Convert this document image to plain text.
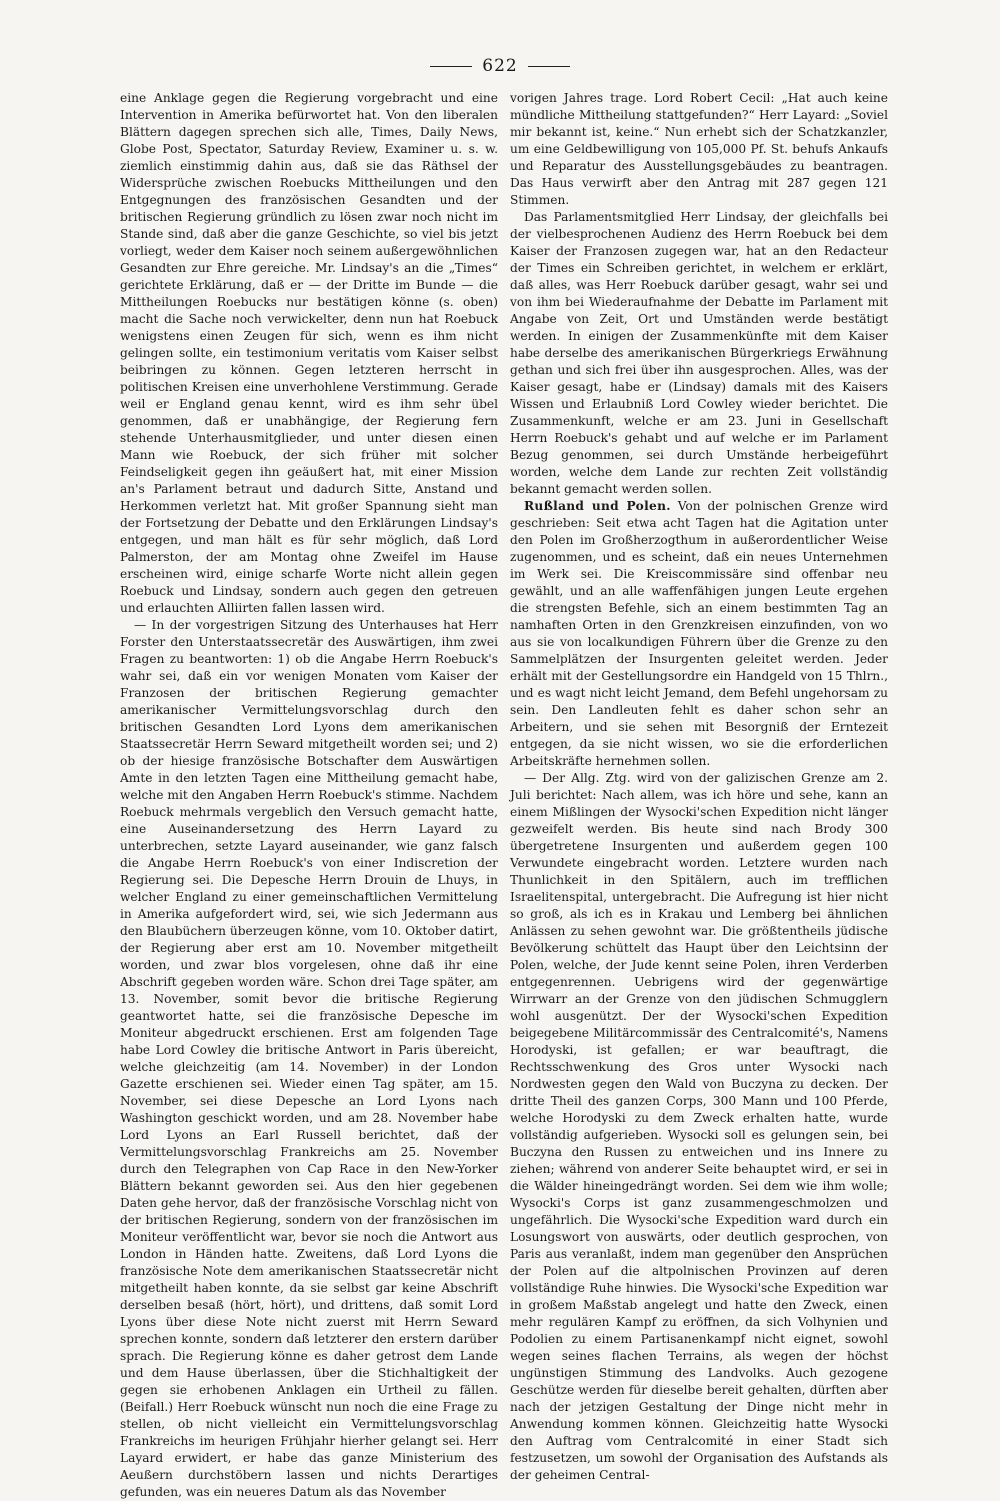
622

eine Anklage gegen die Regierung vorgebracht und eine Intervention in Amerika befürwortet hat. Von den liberalen Blättern dagegen sprechen sich alle, Times, Daily News, Globe Post, Spectator, Saturday Review, Examiner u. s. w. ziemlich einstimmig dahin aus, daß sie das Räthsel der Widersprüche zwischen Roebucks Mittheilungen und den Entgegnungen des französischen Gesandten und der britischen Regierung gründlich zu lösen zwar noch nicht im Stande sind, daß aber die ganze Geschichte, so viel bis jetzt vorliegt, weder dem Kaiser noch seinem außergewöhnlichen Gesandten zur Ehre gereiche. Mr. Lindsay's an die „Times“ gerichtete Erklärung, daß er — der Dritte im Bunde — die Mittheilungen Roebucks nur bestätigen könne (s. oben) macht die Sache noch verwickelter, denn nun hat Roebuck wenigstens einen Zeugen für sich, wenn es ihm nicht gelingen sollte, ein testimonium veritatis vom Kaiser selbst beibringen zu können. Gegen letzteren herrscht in politischen Kreisen eine unverhohlene Verstimmung. Gerade weil er England genau kennt, wird es ihm sehr übel genommen, daß er unabhängige, der Regierung fern stehende Unterhausmitglieder, und unter diesen einen Mann wie Roebuck, der sich früher mit solcher Feindseligkeit gegen ihn geäußert hat, mit einer Mission an's Parlament betraut und dadurch Sitte, Anstand und Herkommen verletzt hat. Mit großer Spannung sieht man der Fortsetzung der Debatte und den Erklärungen Lindsay's entgegen, und man hält es für sehr möglich, daß Lord Palmerston, der am Montag ohne Zweifel im Hause erscheinen wird, einige scharfe Worte nicht allein gegen Roebuck und Lindsay, sondern auch gegen den getreuen und erlauchten Alliirten fallen lassen wird.

— In der vorgestrigen Sitzung des Unterhauses hat Herr Forster den Unterstaatssecretär des Auswärtigen, ihm zwei Fragen zu beantworten: 1) ob die Angabe Herrn Roebuck's wahr sei, daß ein vor wenigen Monaten vom Kaiser der Franzosen der britischen Regierung gemachter amerikanischer Vermittelungsvorschlag durch den britischen Gesandten Lord Lyons dem amerikanischen Staatssecretär Herrn Seward mitgetheilt worden sei; und 2) ob der hiesige französische Botschafter dem Auswärtigen Amte in den letzten Tagen eine Mittheilung gemacht habe, welche mit den Angaben Herrn Roebuck's stimme. Nachdem Roebuck mehrmals vergeblich den Versuch gemacht hatte, eine Auseinandersetzung des Herrn Layard zu unterbrechen, setzte Layard auseinander, wie ganz falsch die Angabe Herrn Roebuck's von einer Indiscretion der Regierung sei. Die Depesche Herrn Drouin de Lhuys, in welcher England zu einer gemeinschaftlichen Vermittelung in Amerika aufgefordert wird, sei, wie sich Jedermann aus den Blaubüchern überzeugen könne, vom 10. Oktober datirt, der Regierung aber erst am 10. November mitgetheilt worden, und zwar blos vorgelesen, ohne daß ihr eine Abschrift gegeben worden wäre. Schon drei Tage später, am 13. November, somit bevor die britische Regierung geantwortet hatte, sei die französische Depesche im Moniteur abgedruckt erschienen. Erst am folgenden Tage habe Lord Cowley die britische Antwort in Paris übereicht, welche gleichzeitig (am 14. November) in der London Gazette erschienen sei. Wieder einen Tag später, am 15. November, sei diese Depesche an Lord Lyons nach Washington geschickt worden, und am 28. November habe Lord Lyons an Earl Russell berichtet, daß der Vermittelungsvorschlag Frankreichs am 25. November durch den Telegraphen von Cap Race in den New-Yorker Blättern bekannt geworden sei. Aus den hier gegebenen Daten gehe hervor, daß der französische Vorschlag nicht von der britischen Regierung, sondern von der französischen im Moniteur veröffentlicht war, bevor sie noch die Antwort aus London in Händen hatte. Zweitens, daß Lord Lyons die französische Note dem amerikanischen Staatssecretär nicht mitgetheilt haben konnte, da sie selbst gar keine Abschrift derselben besaß (hört, hört), und drittens, daß somit Lord Lyons über diese Note nicht zuerst mit Herrn Seward sprechen konnte, sondern daß letzterer den erstern darüber sprach. Die Regierung könne es daher getrost dem Lande und dem Hause überlassen, über die Stichhaltigkeit der gegen sie erhobenen Anklagen ein Urtheil zu fällen. (Beifall.) Herr Roebuck wünscht nun noch die eine Frage zu stellen, ob nicht vielleicht ein Vermittelungsvorschlag Frankreichs im heurigen Frühjahr hierher gelangt sei. Herr Layard erwidert, er habe das ganze Ministerium des Aeußern durchstöbern lassen und nichts Derartiges gefunden, was ein neueres Datum als das November

vorigen Jahres trage. Lord Robert Cecil: „Hat auch keine mündliche Mittheilung stattgefunden?“ Herr Layard: „Soviel mir bekannt ist, keine.“ Nun erhebt sich der Schatzkanzler, um eine Geldbewilligung von 105,000 Pf. St. behufs Ankaufs und Reparatur des Ausstellungsgebäudes zu beantragen. Das Haus verwirft aber den Antrag mit 287 gegen 121 Stimmen.

Das Parlamentsmitglied Herr Lindsay, der gleichfalls bei der vielbesprochenen Audienz des Herrn Roebuck bei dem Kaiser der Franzosen zugegen war, hat an den Redacteur der Times ein Schreiben gerichtet, in welchem er erklärt, daß alles, was Herr Roebuck darüber gesagt, wahr sei und von ihm bei Wiederaufnahme der Debatte im Parlament mit Angabe von Zeit, Ort und Umständen werde bestätigt werden. In einigen der Zusammenkünfte mit dem Kaiser habe derselbe des amerikanischen Bürgerkriegs Erwähnung gethan und sich frei über ihn ausgesprochen. Alles, was der Kaiser gesagt, habe er (Lindsay) damals mit des Kaisers Wissen und Erlaubniß Lord Cowley wieder berichtet. Die Zusammenkunft, welche er am 23. Juni in Gesellschaft Herrn Roebuck's gehabt und auf welche er im Parlament Bezug genommen, sei durch Umstände herbeigeführt worden, welche dem Lande zur rechten Zeit vollständig bekannt gemacht werden sollen.

Rußland und Polen. Von der polnischen Grenze wird geschrieben: Seit etwa acht Tagen hat die Agitation unter den Polen im Großherzogthum in außerordentlicher Weise zugenommen, und es scheint, daß ein neues Unternehmen im Werk sei. Die Kreiscommissäre sind offenbar neu gewählt, und an alle waffenfähigen jungen Leute ergehen die strengsten Befehle, sich an einem bestimmten Tag an namhaften Orten in den Grenzkreisen einzufinden, von wo aus sie von localkundigen Führern über die Grenze zu den Sammelplätzen der Insurgenten geleitet werden. Jeder erhält mit der Gestellungsordre ein Handgeld von 15 Thlrn., und es wagt nicht leicht Jemand, dem Befehl ungehorsam zu sein. Den Landleuten fehlt es daher schon sehr an Arbeitern, und sie sehen mit Besorgniß der Erntezeit entgegen, da sie nicht wissen, wo sie die erforderlichen Arbeitskräfte hernehmen sollen.

— Der Allg. Ztg. wird von der galizischen Grenze am 2. Juli berichtet: Nach allem, was ich höre und sehe, kann an einem Mißlingen der Wysocki'schen Expedition nicht länger gezweifelt werden. Bis heute sind nach Brody 300 übergetretene Insurgenten und außerdem gegen 100 Verwundete eingebracht worden. Letztere wurden nach Thunlichkeit in den Spitälern, auch im trefflichen Israelitenspital, untergebracht. Die Aufregung ist hier nicht so groß, als ich es in Krakau und Lemberg bei ähnlichen Anlässen zu sehen gewohnt war. Die größtentheils jüdische Bevölkerung schüttelt das Haupt über den Leichtsinn der Polen, welche, der Jude kennt seine Polen, ihren Verderben entgegenrennen. Uebrigens wird der gegenwärtige Wirrwarr an der Grenze von den jüdischen Schmugglern wohl ausgenützt. Der der Wysocki'schen Expedition beigegebene Militärcommissär des Centralcomité's, Namens Horodyski, ist gefallen; er war beauftragt, die Rechtsschwenkung des Gros unter Wysocki nach Nordwesten gegen den Wald von Buczyna zu decken. Der dritte Theil des ganzen Corps, 300 Mann und 100 Pferde, welche Horodyski zu dem Zweck erhalten hatte, wurde vollständig aufgerieben. Wysocki soll es gelungen sein, bei Buczyna den Russen zu entweichen und ins Innere zu ziehen; während von anderer Seite behauptet wird, er sei in die Wälder hineingedrängt worden. Sei dem wie ihm wolle; Wysocki's Corps ist ganz zusammengeschmolzen und ungefährlich. Die Wysocki'sche Expedition ward durch ein Losungswort von auswärts, oder deutlich gesprochen, von Paris aus veranlaßt, indem man gegenüber den Ansprüchen der Polen auf die altpolnischen Provinzen auf deren vollständige Ruhe hinwies. Die Wysocki'sche Expedition war in großem Maßstab angelegt und hatte den Zweck, einen mehr regulären Kampf zu eröffnen, da sich Volhynien und Podolien zu einem Partisanenkampf nicht eignet, sowohl wegen seines flachen Terrains, als wegen der höchst ungünstigen Stimmung des Landvolks. Auch gezogene Geschütze werden für dieselbe bereit gehalten, dürften aber nach der jetzigen Gestaltung der Dinge nicht mehr in Anwendung kommen können. Gleichzeitig hatte Wysocki den Auftrag vom Centralcomité in einer Stadt sich festzusetzen, um sowohl der Organisation des Aufstands als der geheimen Central-
